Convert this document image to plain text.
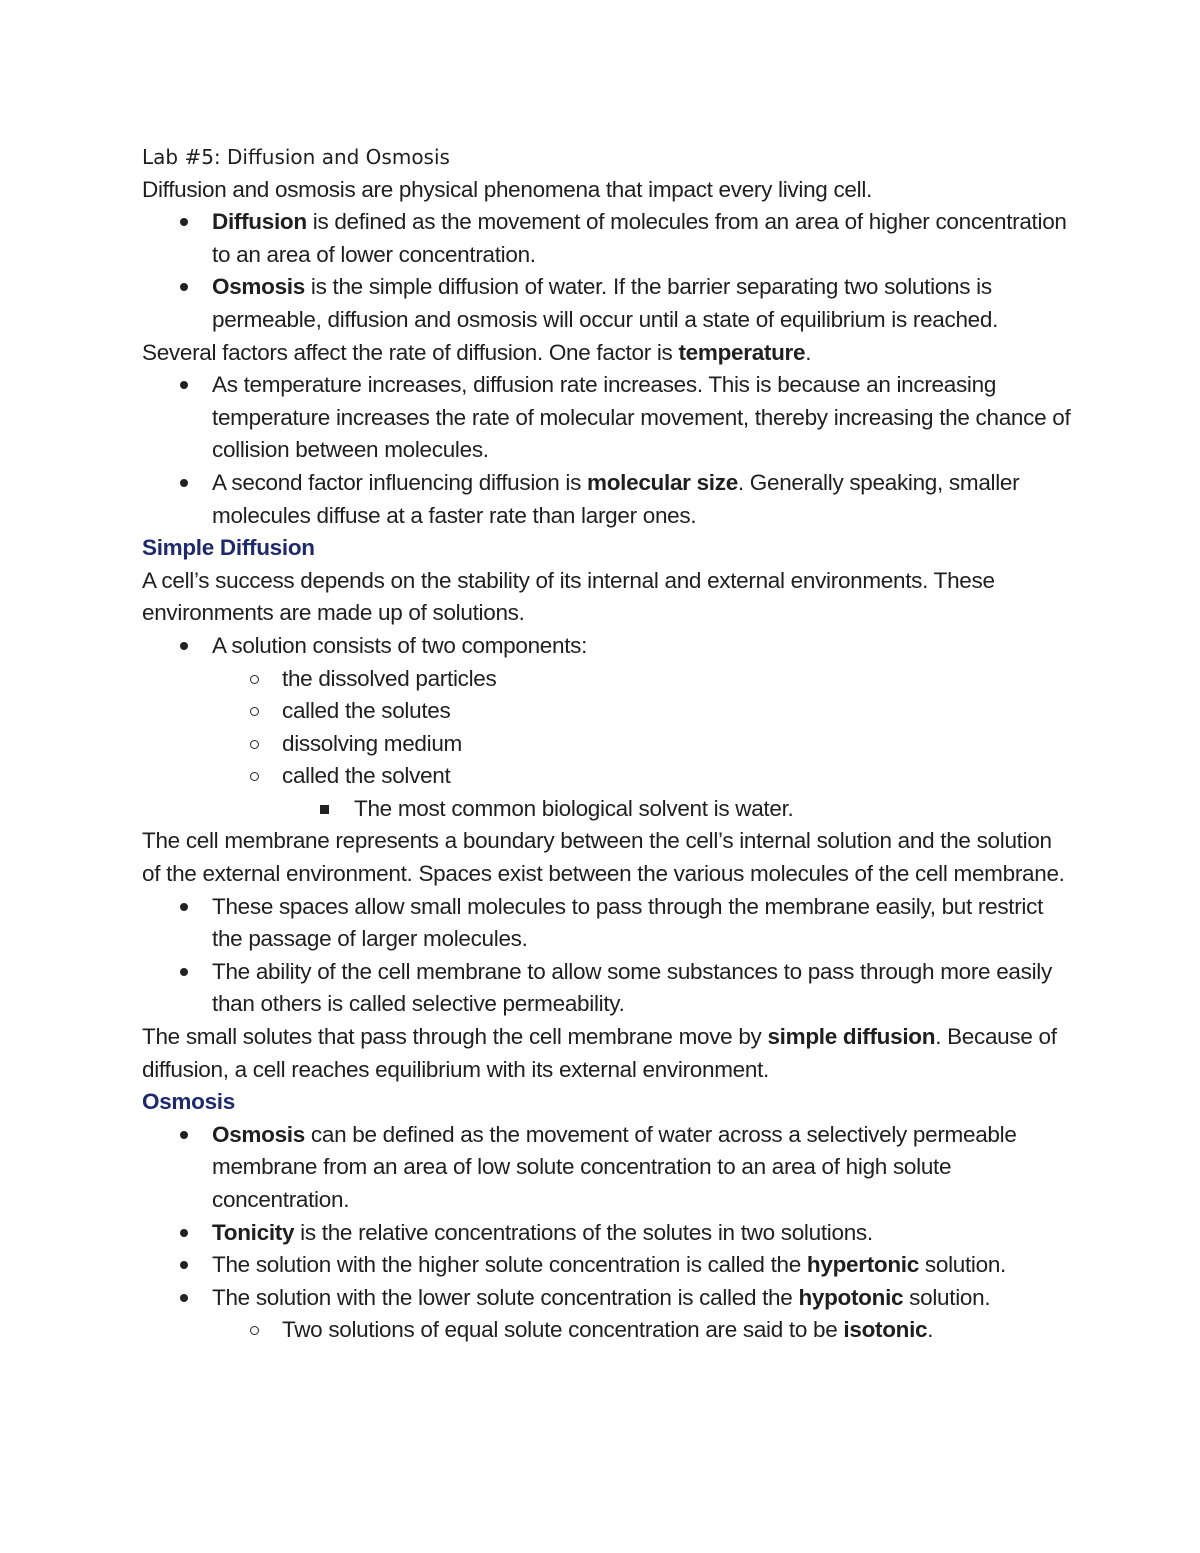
Lab #5: Diffusion and Osmosis

Diffusion and osmosis are physical phenomena that impact every living cell.

Diffusion is defined as the movement of molecules from an area of higher concentration to an area of lower concentration.
Osmosis is the simple diffusion of water. If the barrier separating two solutions is permeable, diffusion and osmosis will occur until a state of equilibrium is reached.

Several factors affect the rate of diffusion. One factor is temperature.

As temperature increases, diffusion rate increases. This is because an increasing temperature increases the rate of molecular movement, thereby increasing the chance of collision between molecules.
A second factor influencing diffusion is molecular size. Generally speaking, smaller molecules diffuse at a faster rate than larger ones.

Simple Diffusion

A cell’s success depends on the stability of its internal and external environments. These environments are made up of solutions.

A solution consists of two components:
the dissolved particles
called the solutes
dissolving medium
called the solvent
The most common biological solvent is water.

The cell membrane represents a boundary between the cell’s internal solution and the solution of the external environment. Spaces exist between the various molecules of the cell membrane.

These spaces allow small molecules to pass through the membrane easily, but restrict the passage of larger molecules.
The ability of the cell membrane to allow some substances to pass through more easily than others is called selective permeability.

The small solutes that pass through the cell membrane move by simple diffusion. Because of diffusion, a cell reaches equilibrium with its external environment.

Osmosis

Osmosis can be defined as the movement of water across a selectively permeable membrane from an area of low solute concentration to an area of high solute concentration.
Tonicity is the relative concentrations of the solutes in two solutions.
The solution with the higher solute concentration is called the hypertonic solution.
The solution with the lower solute concentration is called the hypotonic solution.
Two solutions of equal solute concentration are said to be isotonic.
